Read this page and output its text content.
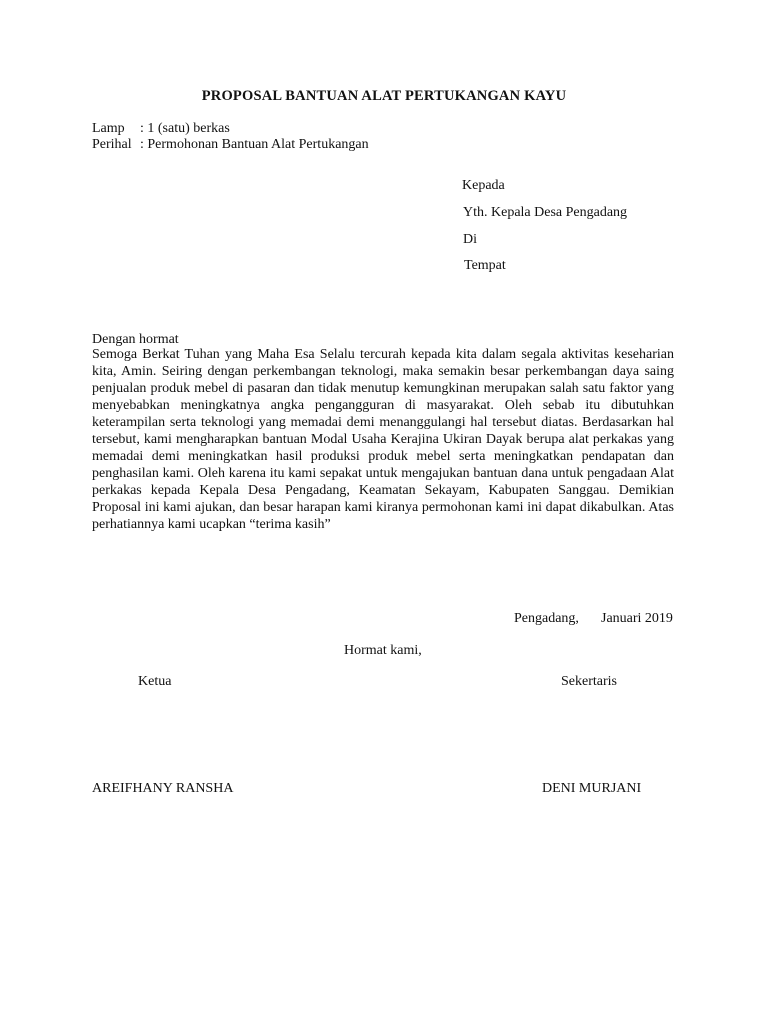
PROPOSAL BANTUAN ALAT PERTUKANGAN KAYU
Lamp : 1 (satu) berkas
Perihal : Permohonan Bantuan Alat Pertukangan
Kepada
Yth. Kepala Desa Pengadang
Di
Tempat
Dengan hormat
Semoga Berkat Tuhan yang Maha Esa Selalu tercurah kepada kita dalam segala aktivitas keseharian kita, Amin. Seiring dengan perkembangan teknologi, maka semakin besar perkembangan daya saing penjualan produk mebel di pasaran dan tidak menutup kemungkinan merupakan salah satu faktor yang menyebabkan meningkatnya angka pengangguran di masyarakat. Oleh sebab itu dibutuhkan keterampilan serta teknologi yang memadai demi menanggulangi hal tersebut diatas. Berdasarkan hal tersebut, kami mengharapkan bantuan Modal Usaha Kerajina Ukiran Dayak berupa alat perkakas yang memadai demi meningkatkan hasil produksi produk mebel serta meningkatkan pendapatan dan penghasilan kami. Oleh karena itu kami sepakat untuk mengajukan bantuan dana untuk pengadaan Alat perkakas kepada Kepala Desa Pengadang, Keamatan Sekayam, Kabupaten Sanggau. Demikian Proposal ini kami ajukan, dan besar harapan kami kiranya permohonan kami ini dapat dikabulkan. Atas perhatiannya kami ucapkan “terima kasih”
Pengadang, Januari 2019
Hormat kami,
Ketua	Sekertaris
AREIFHANY RANSHA	DENI MURJANI
